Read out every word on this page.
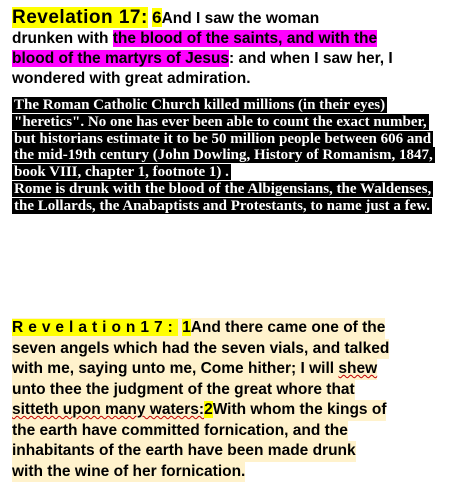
Revelation 17: 6And I saw the woman
drunken with the blood of the saints, and with the
blood of the martyrs of Jesus: and when I saw her, I
wondered with great admiration.
The Roman Catholic Church killed millions (in their eyes) "heretics". No one has ever been able to count the exact number, but historians estimate it to be 50 million people between 606 and the mid-19th century (John Dowling, History of Romanism, 1847, book VIII, chapter 1, footnote 1) .
Rome is drunk with the blood of the Albigensians, the Waldenses, the Lollards, the Anabaptists and Protestants, to name just a few.
Revelation17: 1And there came one of the
seven angels which had the seven vials, and talked
with me, saying unto me, Come hither; I will shew
unto thee the judgment of the great whore that
sitteth upon many waters:2With whom the kings of
the earth have committed fornication, and the
inhabitants of the earth have been made drunk
with the wine of her fornication.
